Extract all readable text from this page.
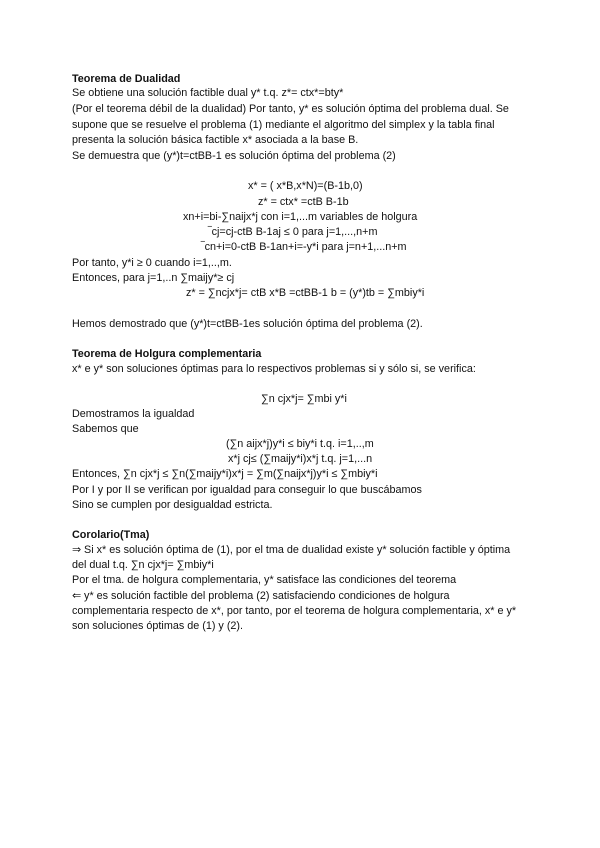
Teorema de Dualidad
Se obtiene una solución factible dual y* t.q. z*= ctx*=bty*
(Por el teorema débil de la dualidad) Por tanto, y* es solución óptima del problema dual. Se
supone que se resuelve el problema (1) mediante el algoritmo del simplex y la tabla final
presenta la solución básica factible x* asociada a la base B.
Se demuestra que (y*)t=ctBB-1 es solución óptima del problema (2)
x* = ( x*B,x*N)=(B-1b,0)
z* = ctx* =ctB B-1b
xn+i=bi-∑naijx*j con i=1,...m variables de holgura
‾cj=cj-ctB B-1aj ≤ 0 para j=1,...,n+m
‾cn+i=0-ctB B-1an+i=-y*i para j=n+1,...n+m
Por tanto, y*i ≥ 0 cuando i=1,..,m.
Entonces, para j=1,..n ∑maijy*≥ cj
z* = ∑ncjx*j= ctB x*B =ctBB-1 b = (y*)tb = ∑mbiy*i
Hemos demostrado que (y*)t=ctBB-1es solución óptima del problema (2).
Teorema de Holgura complementaria
x* e y* son soluciones óptimas para lo respectivos problemas si y sólo si, se verifica:
∑n cjx*j= ∑mbi y*i
Demostramos la igualdad
Sabemos que
(∑n aijx*j)y*i ≤ biy*i t.q. i=1,..,m
x*j cj≤ (∑maijy*i)x*j t.q. j=1,...n
Entonces, ∑n cjx*j ≤ ∑n(∑maijy*i)x*j = ∑m(∑naijx*j)y*i ≤ ∑mbiy*i
Por I y por II se verifican por igualdad para conseguir lo que buscábamos
Sino se cumplen por desigualdad estricta.
Corolario(Tma)
⇒ Si x* es solución óptima de (1), por el tma de dualidad existe y* solución factible y óptima
del dual t.q. ∑n cjx*j= ∑mbiy*i
Por el tma. de holgura complementaria, y* satisface las condiciones del teorema
⇐ y* es solución factible del problema (2) satisfaciendo condiciones de holgura
complementaria respecto de x*, por tanto, por el teorema de holgura complementaria, x* e y*
son soluciones óptimas de (1) y (2).
